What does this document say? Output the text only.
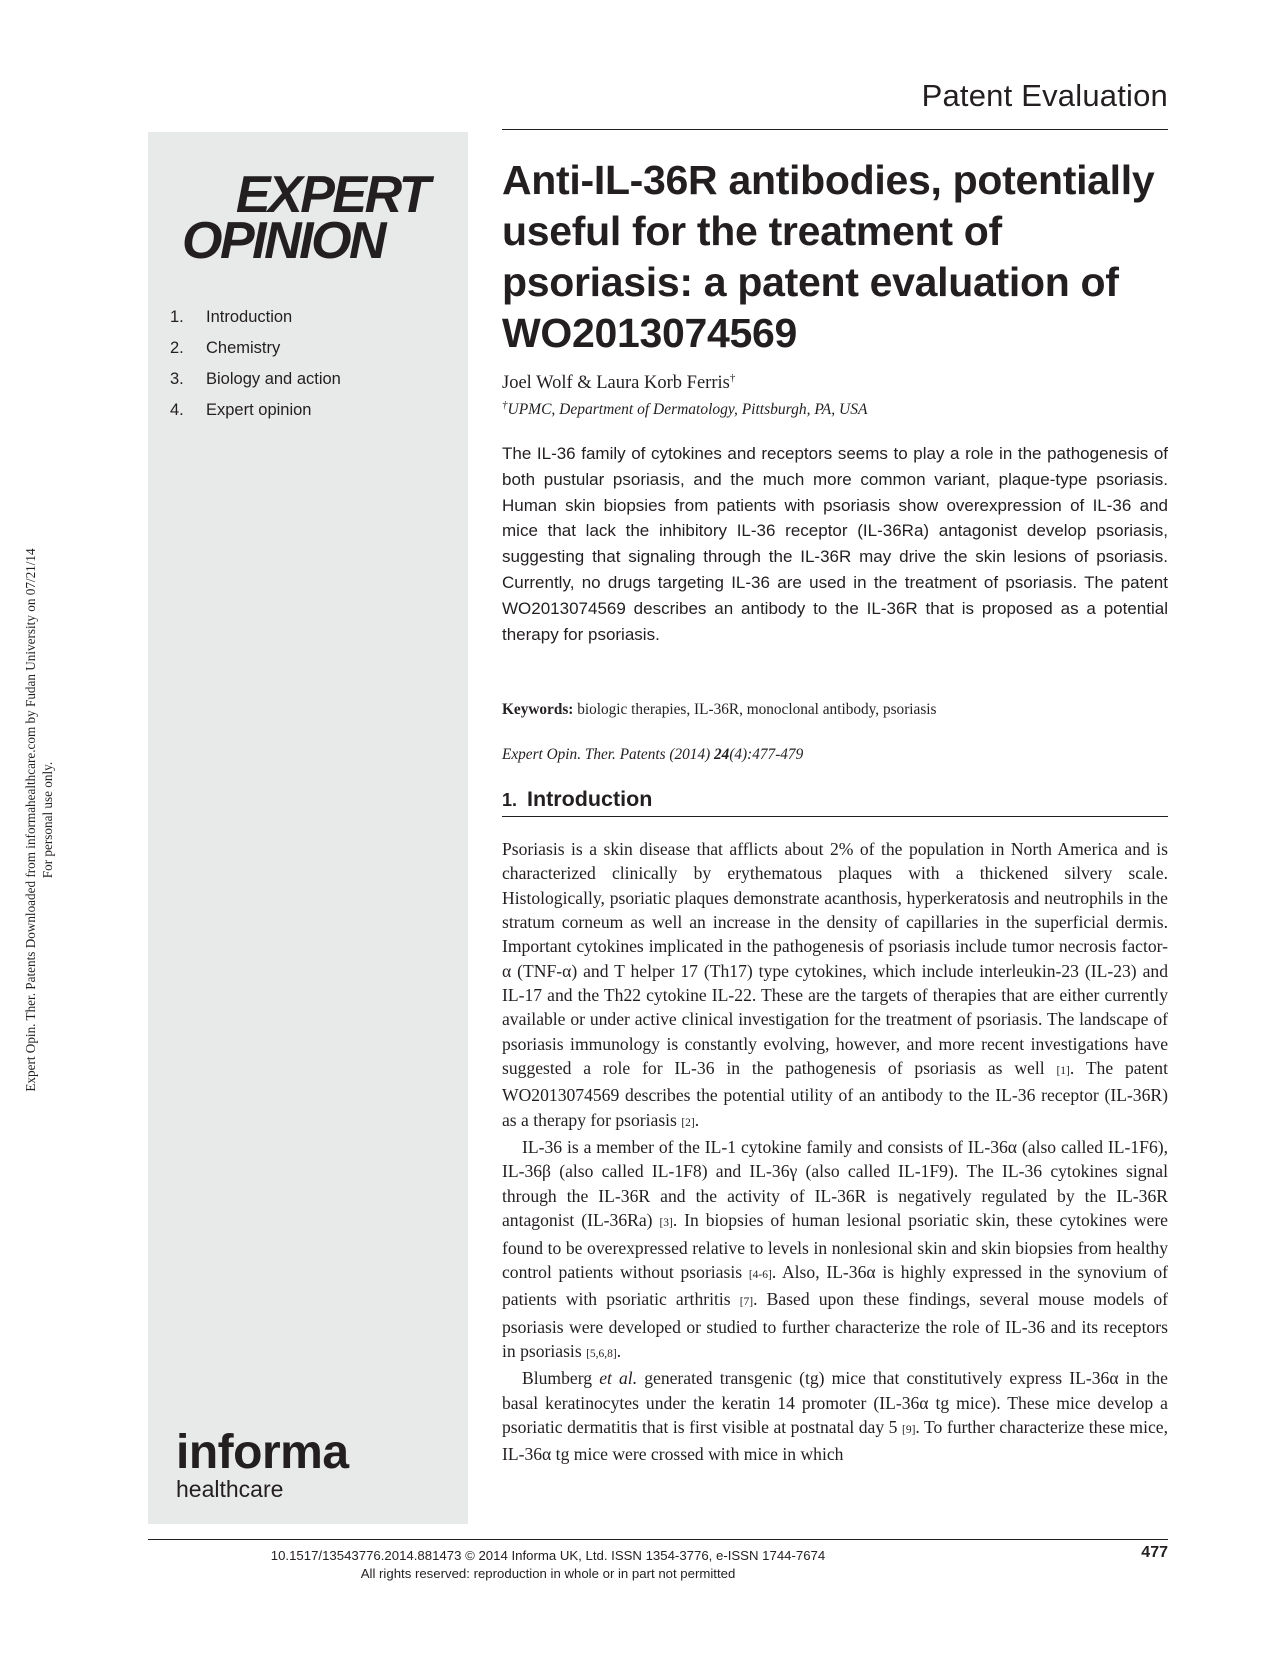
Expert Opin. Ther. Patents Downloaded from informahealthcare.com by Fudan University on 07/21/14 For personal use only.
Patent Evaluation
EXPERT
OPINION
1.	Introduction
2.	Chemistry
3.	Biology and action
4.	Expert opinion
informa
healthcare
Anti-IL-36R antibodies, potentially useful for the treatment of psoriasis: a patent evaluation of WO2013074569
Joel Wolf & Laura Korb Ferris†
†UPMC, Department of Dermatology, Pittsburgh, PA, USA

The IL-36 family of cytokines and receptors seems to play a role in the pathogenesis of both pustular psoriasis, and the much more common variant, plaque-type psoriasis. Human skin biopsies from patients with psoriasis show overexpression of IL-36 and mice that lack the inhibitory IL-36 receptor (IL-36Ra) antagonist develop psoriasis, suggesting that signaling through the IL-36R may drive the skin lesions of psoriasis. Currently, no drugs targeting IL-36 are used in the treatment of psoriasis. The patent WO2013074569 describes an antibody to the IL-36R that is proposed as a potential therapy for psoriasis.

Keywords: biologic therapies, IL-36R, monoclonal antibody, psoriasis
Expert Opin. Ther. Patents (2014) 24(4):477-479
1. Introduction

Psoriasis is a skin disease that afflicts about 2% of the population in North America and is characterized clinically by erythematous plaques with a thickened silvery scale. Histologically, psoriatic plaques demonstrate acanthosis, hyperkeratosis and neutrophils in the stratum corneum as well an increase in the density of capillaries in the superficial dermis. Important cytokines implicated in the pathogenesis of psoriasis include tumor necrosis factor-α (TNF-α) and T helper 17 (Th17) type cytokines, which include interleukin-23 (IL-23) and IL-17 and the Th22 cytokine IL-22. These are the targets of therapies that are either currently available or under active clinical investigation for the treatment of psoriasis. The landscape of psoriasis immunology is constantly evolving, however, and more recent investigations have suggested a role for IL-36 in the pathogenesis of psoriasis as well [1]. The patent WO2013074569 describes the potential utility of an antibody to the IL-36 receptor (IL-36R) as a therapy for psoriasis [2].

IL-36 is a member of the IL-1 cytokine family and consists of IL-36α (also called IL-1F6), IL-36β (also called IL-1F8) and IL-36γ (also called IL-1F9). The IL-36 cytokines signal through the IL-36R and the activity of IL-36R is negatively regulated by the IL-36R antagonist (IL-36Ra) [3]. In biopsies of human lesional psoriatic skin, these cytokines were found to be overexpressed relative to levels in nonlesional skin and skin biopsies from healthy control patients without psoriasis [4-6]. Also, IL-36α is highly expressed in the synovium of patients with psoriatic arthritis [7]. Based upon these findings, several mouse models of psoriasis were developed or studied to further characterize the role of IL-36 and its receptors in psoriasis [5,6,8].

Blumberg et al. generated transgenic (tg) mice that constitutively express IL-36α in the basal keratinocytes under the keratin 14 promoter (IL-36α tg mice). These mice develop a psoriatic dermatitis that is first visible at postnatal day 5 [9]. To further characterize these mice, IL-36α tg mice were crossed with mice in which

10.1517/13543776.2014.881473 © 2014 Informa UK, Ltd. ISSN 1354-3776, e-ISSN 1744-7674
All rights reserved: reproduction in whole or in part not permitted
477
